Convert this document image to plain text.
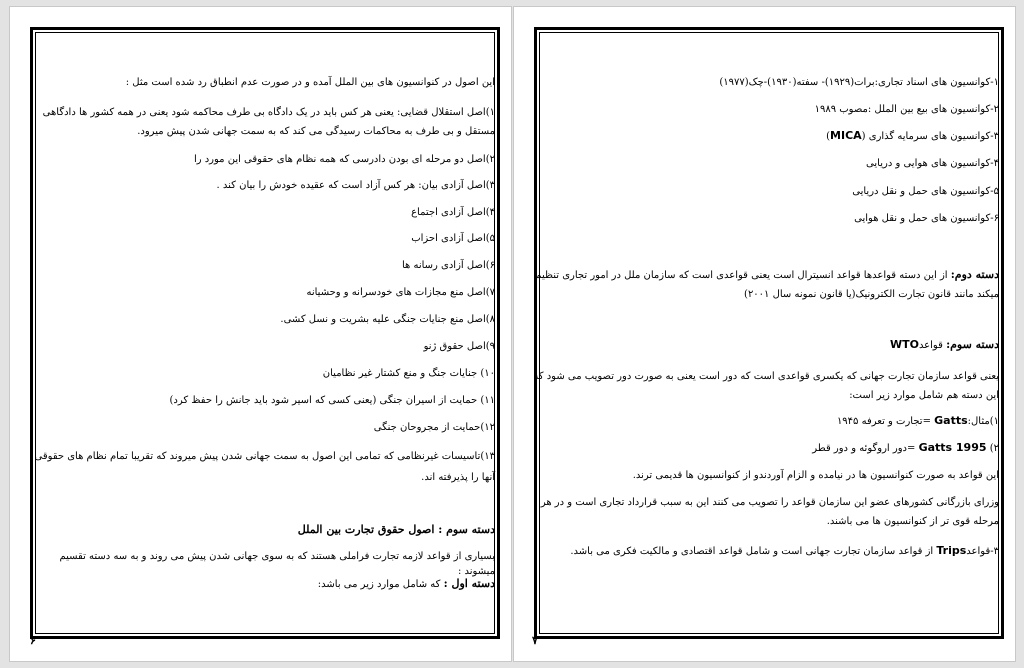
این اصول در کنوانسیون های بین الملل آمده و در صورت عدم انطباق رد شده است مثل :

۱)اصل استقلال قضایی: یعنی هر کس باید در یک دادگاه بی طرف محاکمه شود یعنی در همه کشور ها دادگاهی مستقل و بی طرف به محاکمات رسیدگی می کند که به سمت جهانی شدن پیش میرود.

۲)اصل دو مرحله ای بودن دادرسی که همه نظام های حقوقی این مورد را

۳)اصل آزادی بیان: هر کس آزاد است که عقیده خودش را بیان کند .

۴)اصل آزادی اجتماع

۵)اصل آزادی احزاب

۶)اصل آزادی رسانه ها

۷)اصل منع مجازات های خودسرانه و وحشیانه

۸)اصل منع جنایات جنگی علیه بشریت و نسل کشی.

۹)اصل حقوق ژنو

۱۰) جنایات جنگ و منع کشتار غیر نظامیان

۱۱) حمایت از اسیران جنگی (یعنی کسی که اسیر شود باید جانش را حفظ کرد)

۱۲)حمایت از مجروحان جنگی

۱۳)تاسیسات غیرنظامی که تمامی این اصول به سمت جهانی شدن پیش میروند که تقریبا تمام نظام های حقوقی آنها را پذیرفته اند.

دسته سوم : اصول حقوق تجارت بین الملل

بسیاری از قواعد لازمه تجارت فراملی هستند که به سوی جهانی شدن پیش می روند و به سه دسته تقسیم میشوند :

دسته اول : که شامل موارد زیر می باشد:

۶

۱-کوانسیون های اسناد تجاری:برات(۱۹۲۹)- سفته(۱۹۳۰)-چک(۱۹۷۷)

۲-کوانسیون های بیع بین الملل :مصوب ۱۹۸۹

۳-کوانسیون های سرمایه گذاری (MICA)

۴-کوانسیون های هوایی و دریایی

۵-کوانسیون های حمل و نقل دریایی

۶-کوانسیون های حمل و نقل هوایی

دسته دوم: از این دسته قواعدها قواعد انسیترال است یعنی قواعدی است که سازمان ملل در امور تجاری تنظیم میکند مانند قانون تجارت الکترونیک(یا قانون نمونه سال ۲۰۰۱)

دسته سوم: قواعدWTO

یعنی قواعد سازمان تجارت جهانی که یکسری قواعدی است که دور است یعنی به صورت دور تصویب می شود که این دسته هم شامل موارد زیر است:

۱)مثال:Gatts =تجارت و تعرفه ۱۹۴۵

۲) Gatts 1995 =دور اروگوئه و دور قطر

این قواعد به صورت کنوانسیون ها در نیامده و الزام آوردندو از کنوانسیون ها قدیمی ترند.

وزرای بازرگانی کشورهای عضو این سازمان قواعد را تصویب می کنند این به سبب قرارداد تجاری است و در هر مرحله قوی تر از کنوانسیون ها می باشند.

۳-قواعدTrips از قواعد سازمان تجارت جهانی است و شامل قواعد اقتصادی و مالکیت فکری می باشد.

۷
